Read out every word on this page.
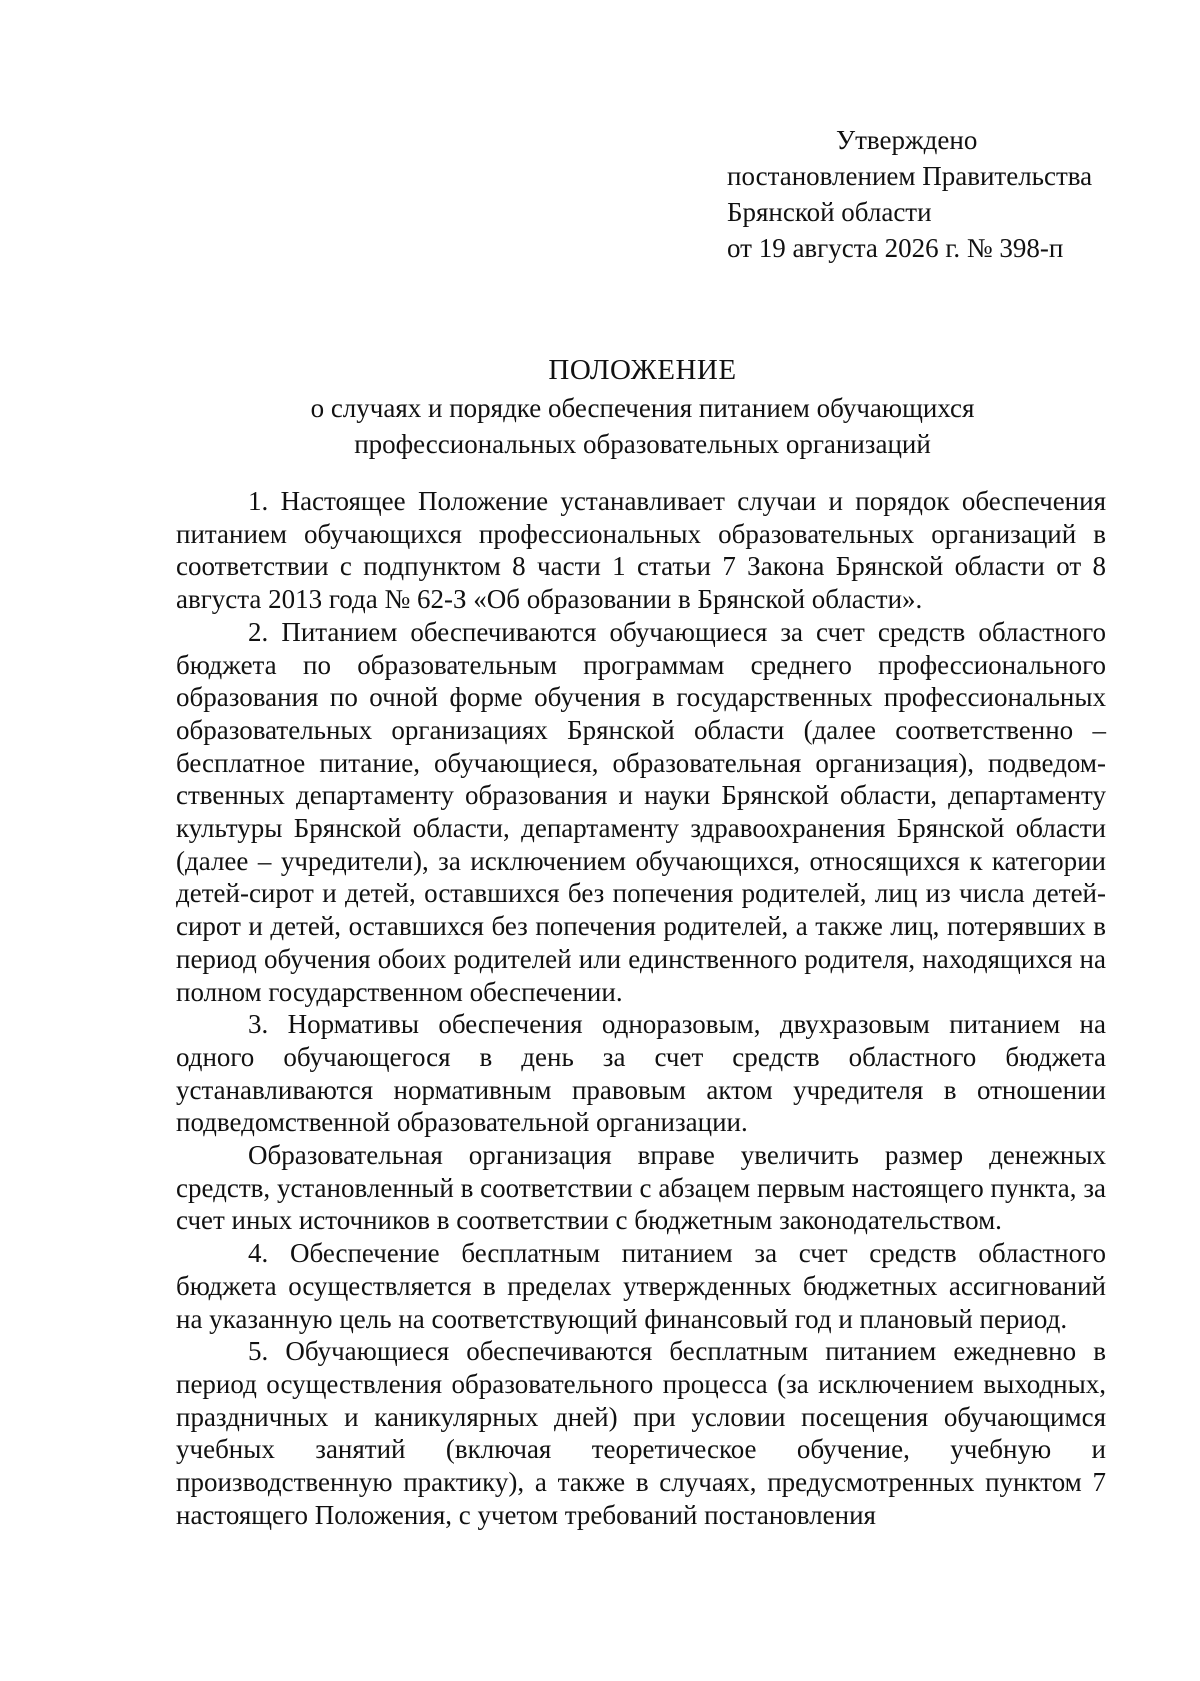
Утверждено
постановлением Правительства
Брянской области
от 19 августа 2026 г. № 398-п
ПОЛОЖЕНИЕ
о случаях и порядке обеспечения питанием обучающихся
профессиональных образовательных организаций

1. Настоящее Положение устанавливает случаи и порядок обеспечения питанием обучающихся профессиональных образовательных организаций в соответствии с подпунктом 8 части 1 статьи 7 Закона Брянской области от 8 августа 2013 года № 62-З «Об образовании в Брянской области».

2. Питанием обеспечиваются обучающиеся за счет средств областного бюджета по образовательным программам среднего профессионального образования по очной форме обучения в государственных профессиональных образовательных организациях Брянской области (далее соответственно – бесплатное питание, обучающиеся, образовательная организация), подведомственных департаменту образования и науки Брянской области, департаменту культуры Брянской области, департаменту здравоохранения Брянской области (далее – учредители), за исключением обучающихся, относящихся к категории детей-сирот и детей, оставшихся без попечения родителей, лиц из числа детей-сирот и детей, оставшихся без попечения родителей, а также лиц, потерявших в период обучения обоих родителей или единственного родителя, находящихся на полном государственном обеспечении.

3. Нормативы обеспечения одноразовым, двухразовым питанием на одного обучающегося в день за счет средств областного бюджета устанавливаются нормативным правовым актом учредителя в отношении подведомственной образовательной организации.

Образовательная организация вправе увеличить размер денежных средств, установленный в соответствии с абзацем первым настоящего пункта, за счет иных источников в соответствии с бюджетным законодательством.

4. Обеспечение бесплатным питанием за счет средств областного бюджета осуществляется в пределах утвержденных бюджетных ассигнований на указанную цель на соответствующий финансовый год и плановый период.

5. Обучающиеся обеспечиваются бесплатным питанием ежедневно в период осуществления образовательного процесса (за исключением выходных, праздничных и каникулярных дней) при условии посещения обучающимся учебных занятий (включая теоретическое обучение, учебную и производственную практику), а также в случаях, предусмотренных пунктом 7 настоящего Положения, с учетом требований постановления
